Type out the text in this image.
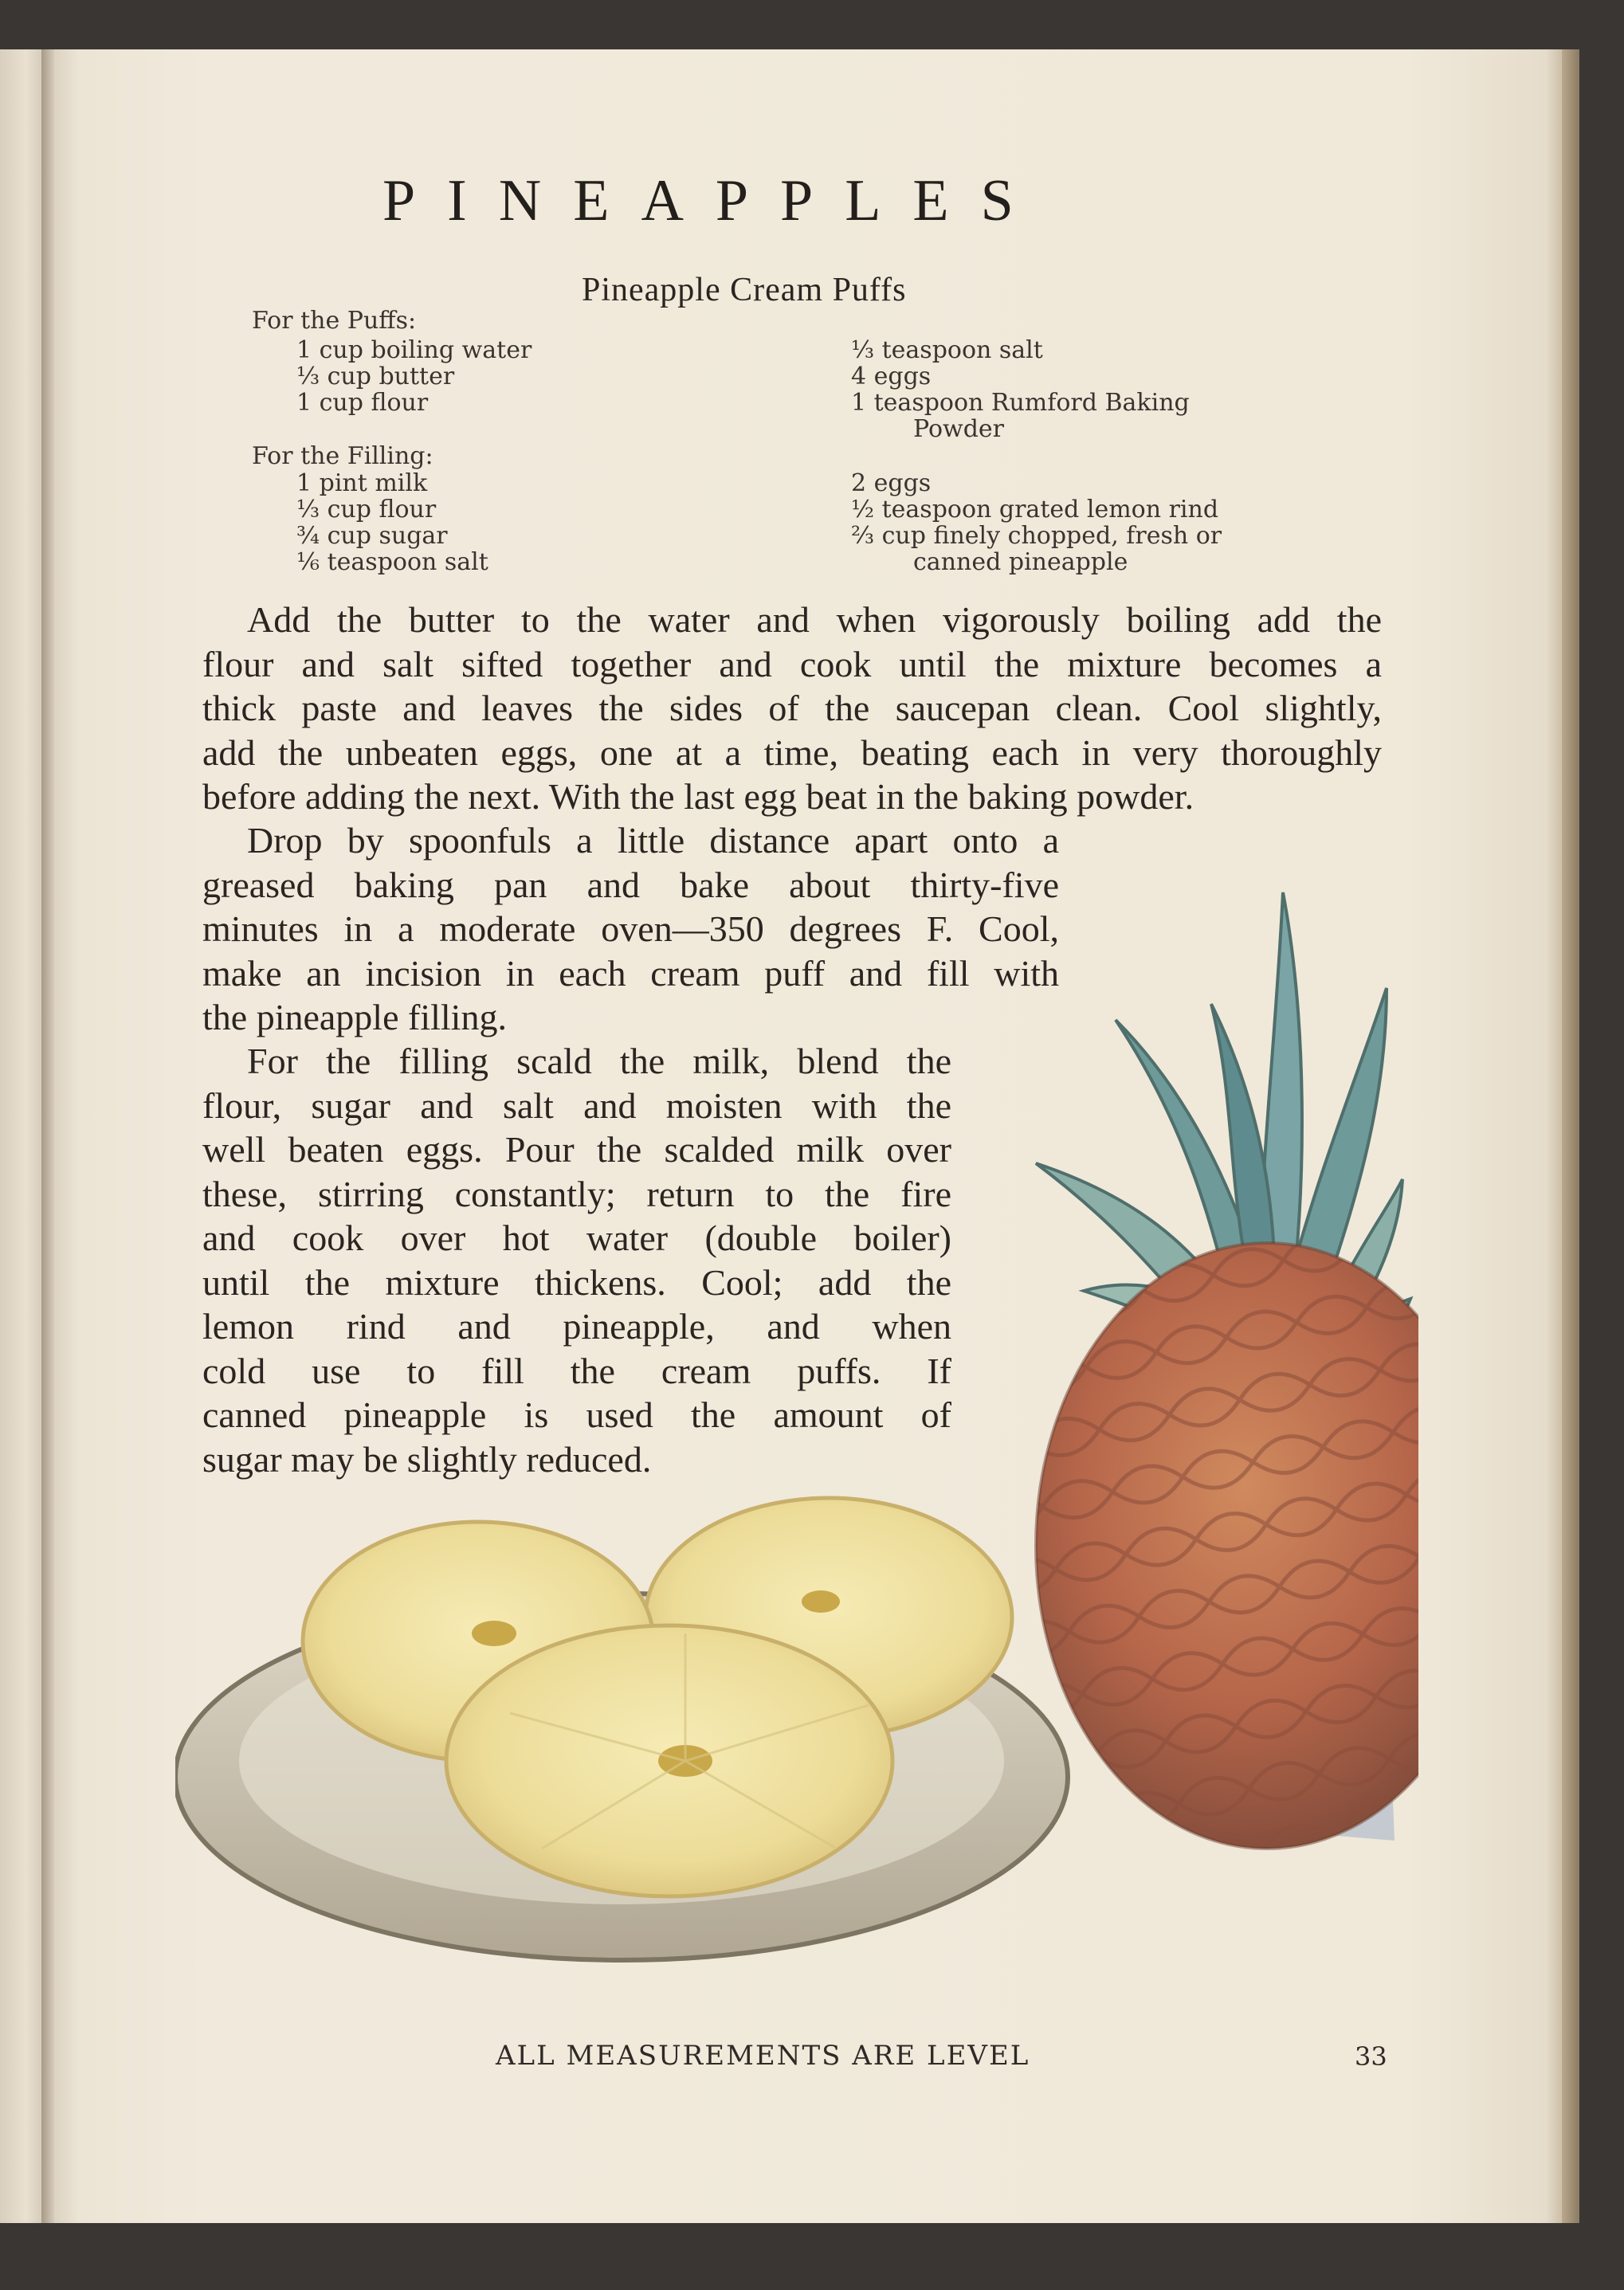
PINEAPPLES
Pineapple Cream Puffs
For the Puffs:
1 cup boiling water
⅓ cup butter
1 cup flour
⅓ teaspoon salt
4 eggs
1 teaspoon Rumford Baking
Powder
For the Filling:
1 pint milk
⅓ cup flour
¾ cup sugar
⅙ teaspoon salt
2 eggs
½ teaspoon grated lemon rind
⅔ cup finely chopped, fresh or
canned pineapple
Add the butter to the water and when vigorously boiling add the
flour and salt sifted together and cook until the mixture becomes a
thick paste and leaves the sides of the saucepan clean. Cool slightly,
add the unbeaten eggs, one at a time, beating each in very thoroughly
before adding the next. With the last egg beat in the baking powder.
Drop by spoonfuls a little distance apart onto a
greased baking pan and bake about thirty-five
minutes in a moderate oven—350 degrees F. Cool,
make an incision in each cream puff and fill with
the pineapple filling.
For the filling scald the milk, blend the
flour, sugar and salt and moisten with the
well beaten eggs. Pour the scalded milk over
these, stirring constantly; return to the fire
and cook over hot water (double boiler)
until the mixture thickens. Cool; add the
lemon rind and pineapple, and when
cold use to fill the cream puffs. If
canned pineapple is used the amount of
sugar may be slightly reduced.
ALL MEASUREMENTS ARE LEVEL	33
